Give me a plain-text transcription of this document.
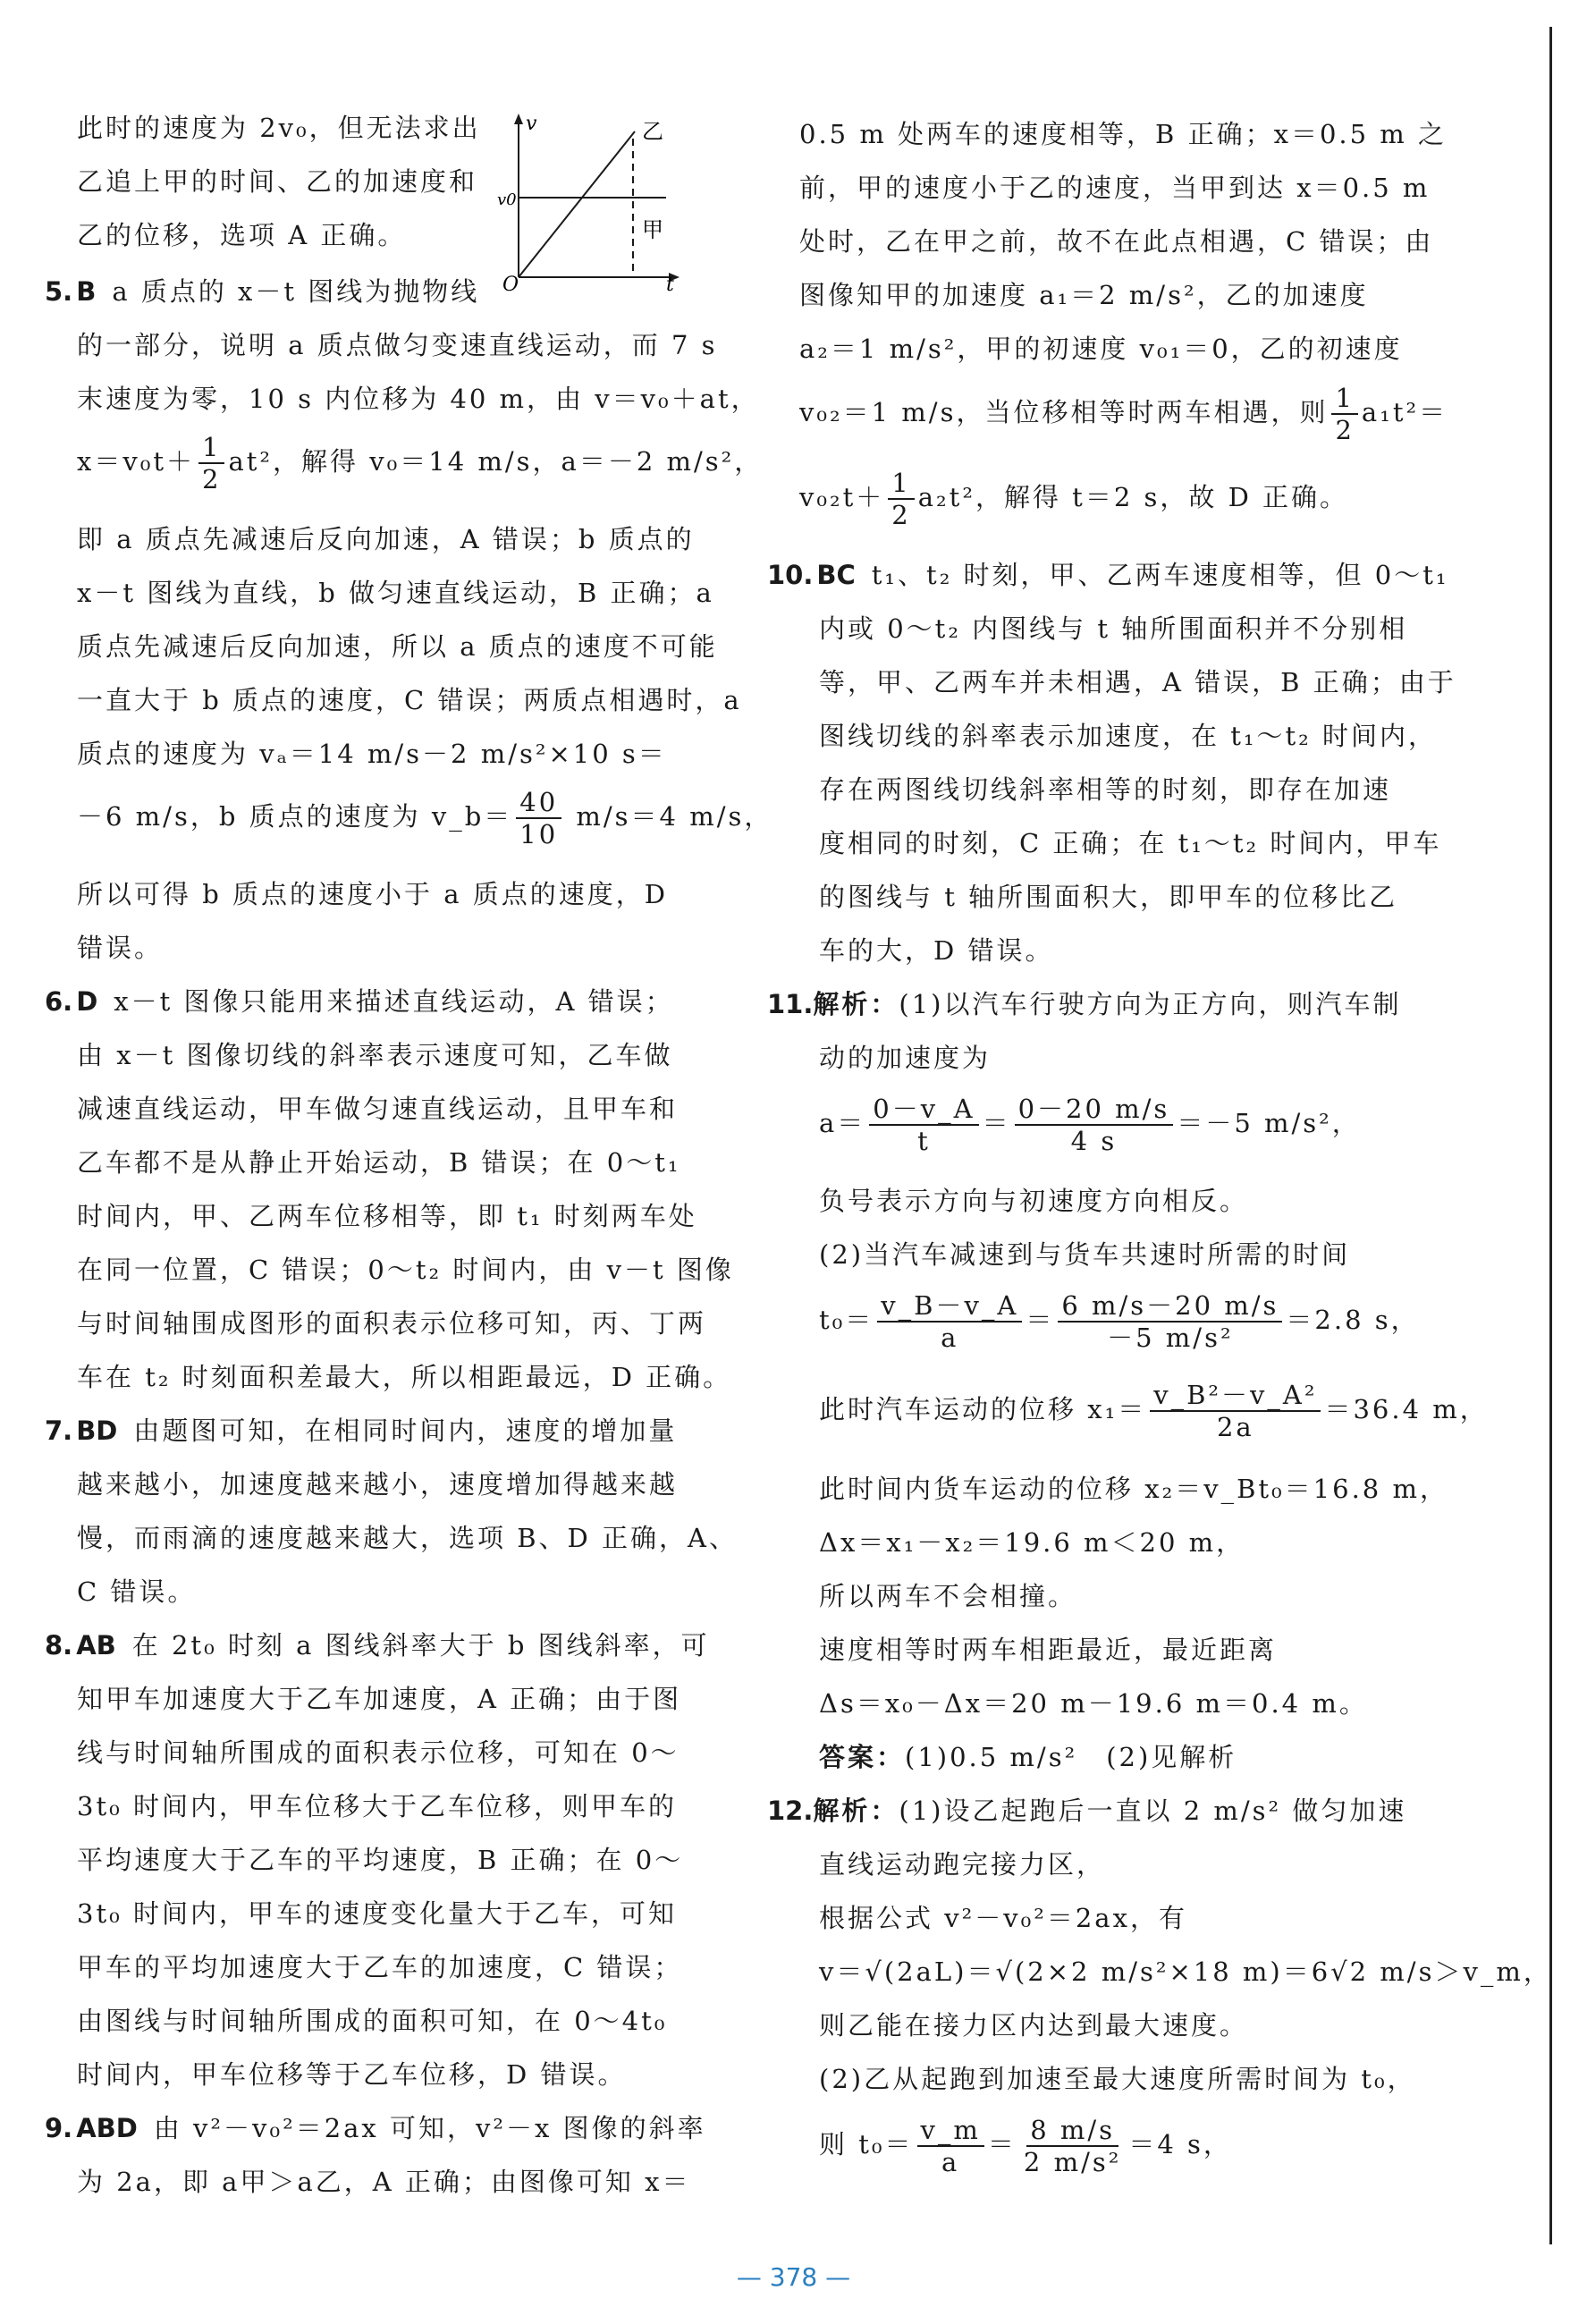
v
t
O
v0
乙
甲
此时的速度为 2v₀，但无法求出
乙追上甲的时间、乙的加速度和
乙的位移，选项 A 正确。
5. B a 质点的 x－t 图线为抛物线
的一部分，说明 a 质点做匀变速直线运动，而 7 s
末速度为零，10 s 内位移为 40 m，由 v＝v₀＋at，
$x=v_0t+ \frac{1}{2} at^2$，解得 v₀＝14 m/s，a＝－2 m/s²，
即 a 质点先减速后反向加速，A 错误；b 质点的
x－t 图线为直线，b 做匀速直线运动，B 正确；a
质点先减速后反向加速，所以 a 质点的速度不可能
一直大于 b 质点的速度，C 错误；两质点相遇时，a
质点的速度为 vₐ＝14 m/s－2 m/s²×10 s＝
－6 m/s，b 质点的速度为 v_b＝ $\frac{40}{10} m/s=4$ m/s，
所以可得 b 质点的速度小于 a 质点的速度，D
错误。
6. D x－t 图像只能用来描述直线运动，A 错误；
由 x－t 图像切线的斜率表示速度可知，乙车做
减速直线运动，甲车做匀速直线运动，且甲车和
乙车都不是从静止开始运动，B 错误；在 0～t₁
时间内，甲、乙两车位移相等，即 t₁ 时刻两车处
在同一位置，C 错误；0～t₂ 时间内，由 v－t 图像
与时间轴围成图形的面积表示位移可知，丙、丁两
车在 t₂ 时刻面积差最大，所以相距最远，D 正确。
7. BD 由题图可知，在相同时间内，速度的增加量
越来越小，加速度越来越小，速度增加得越来越
慢，而雨滴的速度越来越大，选项 B、D 正确，A、
C 错误。
8. AB 在 2t₀ 时刻 a 图线斜率大于 b 图线斜率，可
知甲车加速度大于乙车加速度，A 正确；由于图
线与时间轴所围成的面积表示位移，可知在 0～
3t₀ 时间内，甲车位移大于乙车位移，则甲车的
平均速度大于乙车的平均速度，B 正确；在 0～
3t₀ 时间内，甲车的速度变化量大于乙车，可知
甲车的平均加速度大于乙车的加速度，C 错误；
由图线与时间轴所围成的面积可知，在 0～4t₀
时间内，甲车位移等于乙车位移，D 错误。
9. ABD 由 v²－v₀²＝2ax 可知，v²－x 图像的斜率
为 2a，即 a甲＞a乙，A 正确；由图像可知 x＝
0.5 m 处两车的速度相等，B 正确；x＝0.5 m 之
前，甲的速度小于乙的速度，当甲到达 x＝0.5 m
处时，乙在甲之前，故不在此点相遇，C 错误；由
图像知甲的加速度 a₁＝2 m/s²，乙的加速度
a₂＝1 m/s²，甲的初速度 v₀₁＝0，乙的初速度
v₀₂＝1 m/s，当位移相等时两车相遇，则 $\frac{1}{2} a_1t^2=$
$v_{02}t+ \frac{1}{2} a_2t^2$，解得 t＝2 s，故 D 正确。
10. BC t₁、t₂ 时刻，甲、乙两车速度相等，但 0～t₁
内或 0～t₂ 内图线与 t 轴所围面积并不分别相
等，甲、乙两车并未相遇，A 错误，B 正确；由于
图线切线的斜率表示加速度，在 t₁～t₂ 时间内，
存在两图线切线斜率相等的时刻，即存在加速
度相同的时刻，C 正确；在 t₁～t₂ 时间内，甲车
的图线与 t 轴所围面积大，即甲车的位移比乙
车的大，D 错误。
11.解析：(1)以汽车行驶方向为正方向，则汽车制
动的加速度为
$a= \frac{0-v\_A}{t} = \frac{0-20 m/s}{4 s} =-5$ m/s²，
负号表示方向与初速度方向相反。
(2)当汽车减速到与货车共速时所需的时间
$t_0= \frac{v\_B-v\_A}{a} = \frac{6 m/s-20 m/s}{\text{－5 m/s²}} =2.8$ s，
此时汽车运动的位移 $x_1= \frac{\text{v\_B²－v\_A²}}{2a} =36.4$ m，
此时间内货车运动的位移 x₂＝v_Bt₀＝16.8 m，
Δx＝x₁－x₂＝19.6 m＜20 m，
所以两车不会相撞。
速度相等时两车相距最近，最近距离
Δs＝x₀－Δx＝20 m－19.6 m＝0.4 m。
答案：(1)0.5 m/s²　(2)见解析
12.解析：(1)设乙起跑后一直以 2 m/s² 做匀加速
直线运动跑完接力区，
根据公式 v²－v₀²＝2ax，有
v＝√(2aL)＝√(2×2 m/s²×18 m)＝6√2 m/s＞v_m，
则乙能在接力区内达到最大速度。
(2)乙从起跑到加速至最大速度所需时间为 t₀，
则 $t_0= \frac{v\_m}{a} = \frac{8 m/s}{\text{2 m/s²}} =4$ s，
— 378 —
